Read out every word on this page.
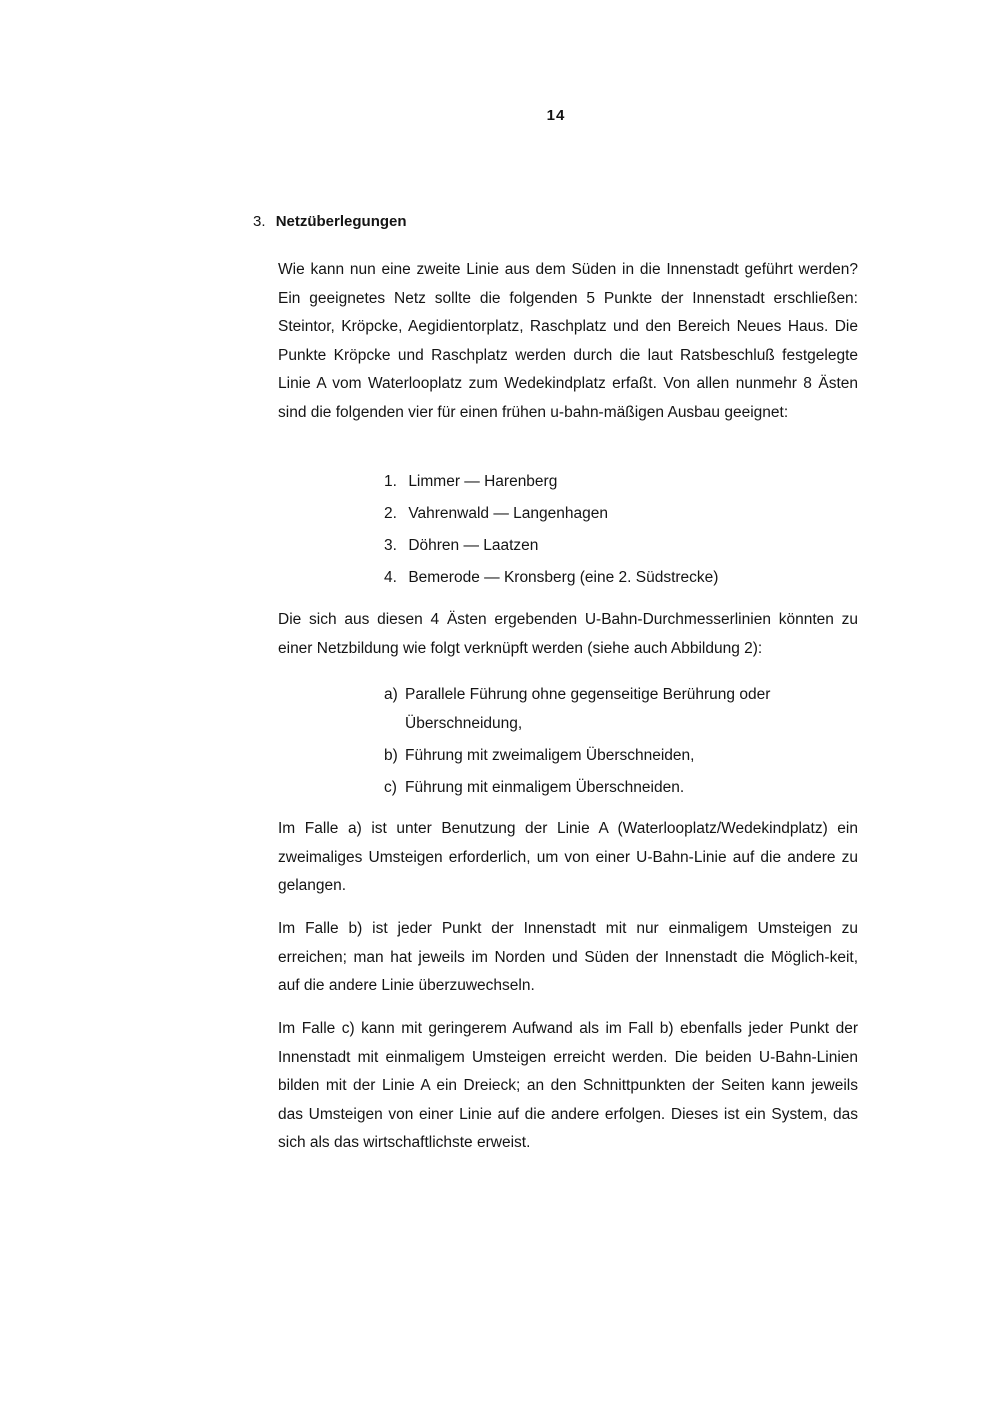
14
3. Netzüberlegungen

Wie kann nun eine zweite Linie aus dem Süden in die Innenstadt geführt werden? Ein geeignetes Netz sollte die folgenden 5 Punkte der Innenstadt erschließen: Steintor, Kröpcke, Aegidientorplatz, Raschplatz und den Bereich Neues Haus. Die Punkte Kröpcke und Raschplatz werden durch die laut Ratsbeschluß festgelegte Linie A vom Waterlooplatz zum Wedekindplatz erfaßt. Von allen nunmehr 8 Ästen sind die folgenden vier für einen frühen u-bahn-mäßigen Ausbau geeignet:

1. Limmer — Harenberg
2. Vahrenwald — Langenhagen
3. Döhren — Laatzen
4. Bemerode — Kronsberg (eine 2. Südstrecke)

Die sich aus diesen 4 Ästen ergebenden U-Bahn-Durchmesserlinien könnten zu einer Netzbildung wie folgt verknüpft werden (siehe auch Abbildung 2):

a) Parallele Führung ohne gegenseitige Berührung oder Überschneidung,
b) Führung mit zweimaligem Überschneiden,
c) Führung mit einmaligem Überschneiden.

Im Falle a) ist unter Benutzung der Linie A (Waterlooplatz/Wedekindplatz) ein zweimaliges Umsteigen erforderlich, um von einer U-Bahn-Linie auf die andere zu gelangen.

Im Falle b) ist jeder Punkt der Innenstadt mit nur einmaligem Umsteigen zu erreichen; man hat jeweils im Norden und Süden der Innenstadt die Möglich-keit, auf die andere Linie überzuwechseln.

Im Falle c) kann mit geringerem Aufwand als im Fall b) ebenfalls jeder Punkt der Innenstadt mit einmaligem Umsteigen erreicht werden. Die beiden U-Bahn-Linien bilden mit der Linie A ein Dreieck; an den Schnittpunkten der Seiten kann jeweils das Umsteigen von einer Linie auf die andere erfolgen. Dieses ist ein System, das sich als das wirtschaftlichste erweist.
